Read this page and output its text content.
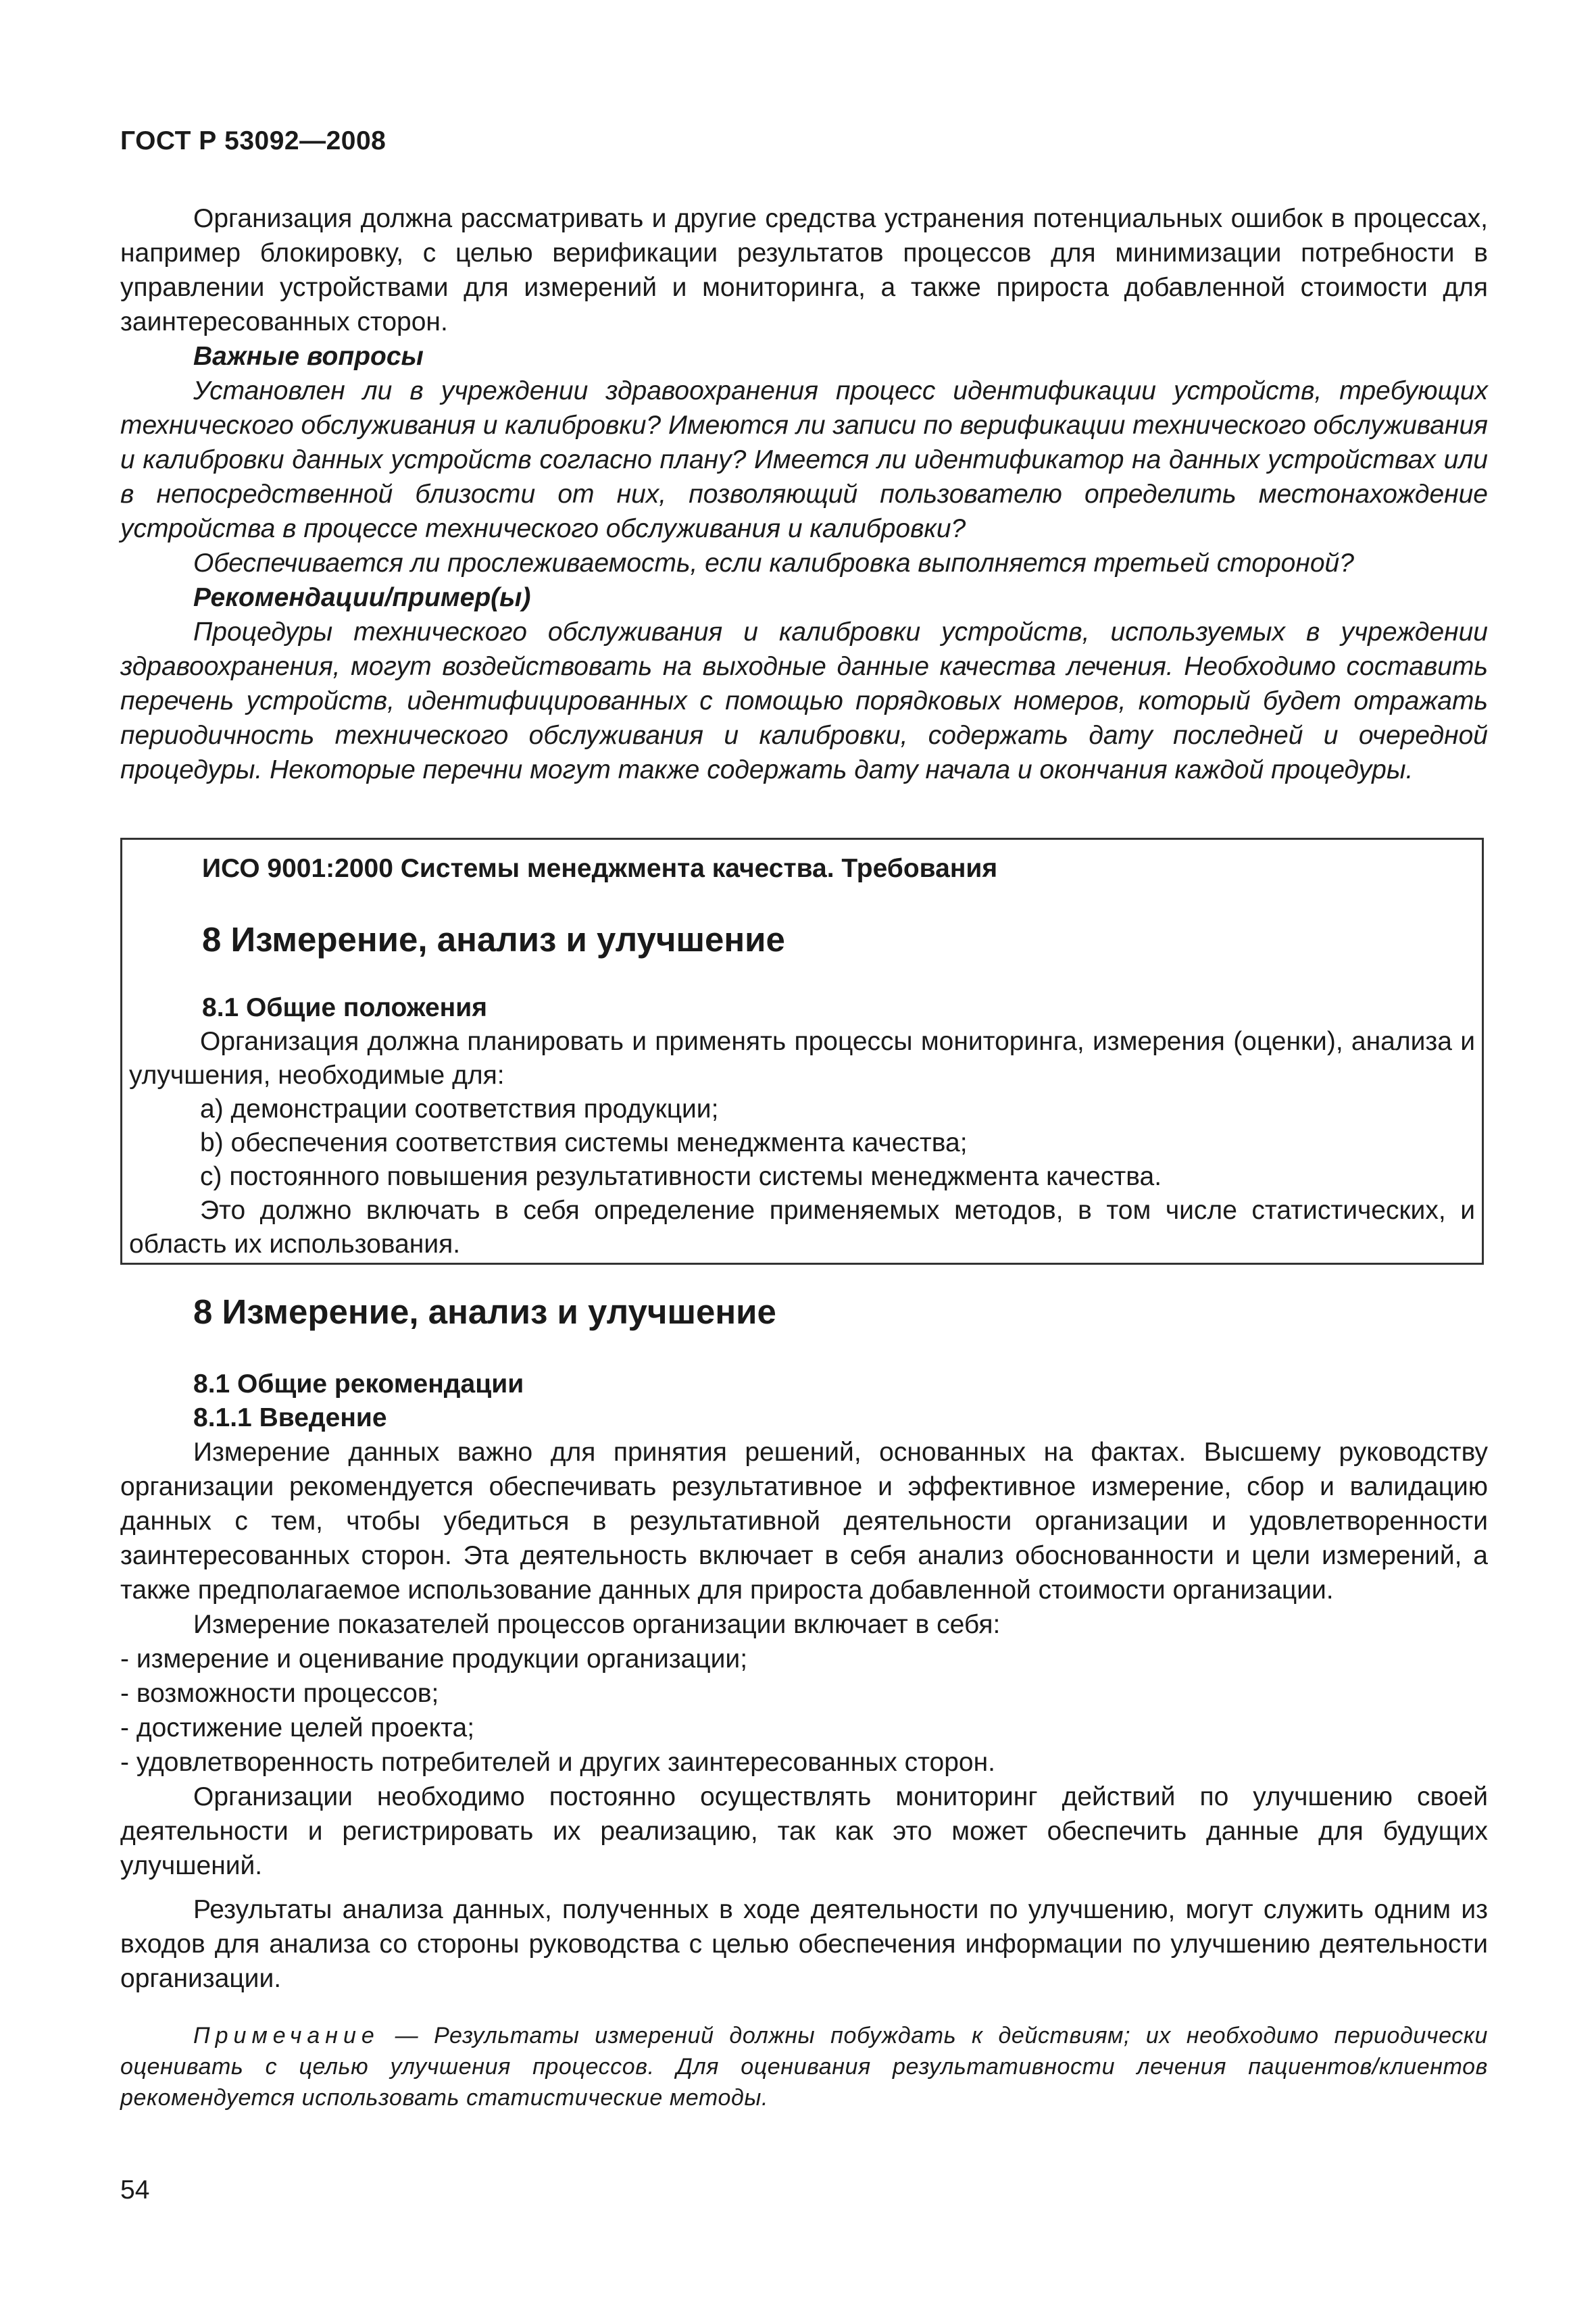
ГОСТ Р 53092—2008

Организация должна рассматривать и другие средства устранения потенциальных ошибок в процессах, например блокировку, с целью верификации результатов процессов для минимизации потребности в управлении устройствами для измерений и мониторинга, а также прироста добавленной стоимости для заинтересованных сторон.

Важные вопросы

Установлен ли в учреждении здравоохранения процесс идентификации устройств, требующих технического обслуживания и калибровки? Имеются ли записи по верификации технического обслуживания и калибровки данных устройств согласно плану? Имеется ли идентификатор на данных устройствах или в непосредственной близости от них, позволяющий пользователю определить местонахождение устройства в процессе технического обслуживания и калибровки?

Обеспечивается ли прослеживаемость, если калибровка выполняется третьей стороной?

Рекомендации/пример(ы)

Процедуры технического обслуживания и калибровки устройств, используемых в учреждении здравоохранения, могут воздействовать на выходные данные качества лечения. Необходимо составить перечень устройств, идентифицированных с помощью порядковых номеров, который будет отражать периодичность технического обслуживания и калибровки, содержать дату последней и очередной процедуры. Некоторые перечни могут также содержать дату начала и окончания каждой процедуры.

ИСО 9001:2000 Системы менеджмента качества. Требования

8 Измерение, анализ и улучшение

8.1 Общие положения

Организация должна планировать и применять процессы мониторинга, измерения (оценки), анализа и улучшения, необходимые для:

a) демонстрации соответствия продукции;

b) обеспечения соответствия системы менеджмента качества;

c) постоянного повышения результативности системы менеджмента качества.

Это должно включать в себя определение применяемых методов, в том числе статистических, и область их использования.

8 Измерение, анализ и улучшение

8.1 Общие рекомендации

8.1.1 Введение

Измерение данных важно для принятия решений, основанных на фактах. Высшему руководству организации рекомендуется обеспечивать результативное и эффективное измерение, сбор и валидацию данных с тем, чтобы убедиться в результативной деятельности организации и удовлетворенности заинтересованных сторон. Эта деятельность включает в себя анализ обоснованности и цели измерений, а также предполагаемое использование данных для прироста добавленной стоимости организации.

Измерение показателей процессов организации включает в себя:

- измерение и оценивание продукции организации;

- возможности процессов;

- достижение целей проекта;

- удовлетворенность потребителей и других заинтересованных сторон.

Организации необходимо постоянно осуществлять мониторинг действий по улучшению своей деятельности и регистрировать их реализацию, так как это может обеспечить данные для будущих улучшений.

Результаты анализа данных, полученных в ходе деятельности по улучшению, могут служить одним из входов для анализа со стороны руководства с целью обеспечения информации по улучшению деятельности организации.

Примечание — Результаты измерений должны побуждать к действиям; их необходимо периодически оценивать с целью улучшения процессов. Для оценивания результативности лечения пациентов/клиентов рекомендуется использовать статистические методы.

54
